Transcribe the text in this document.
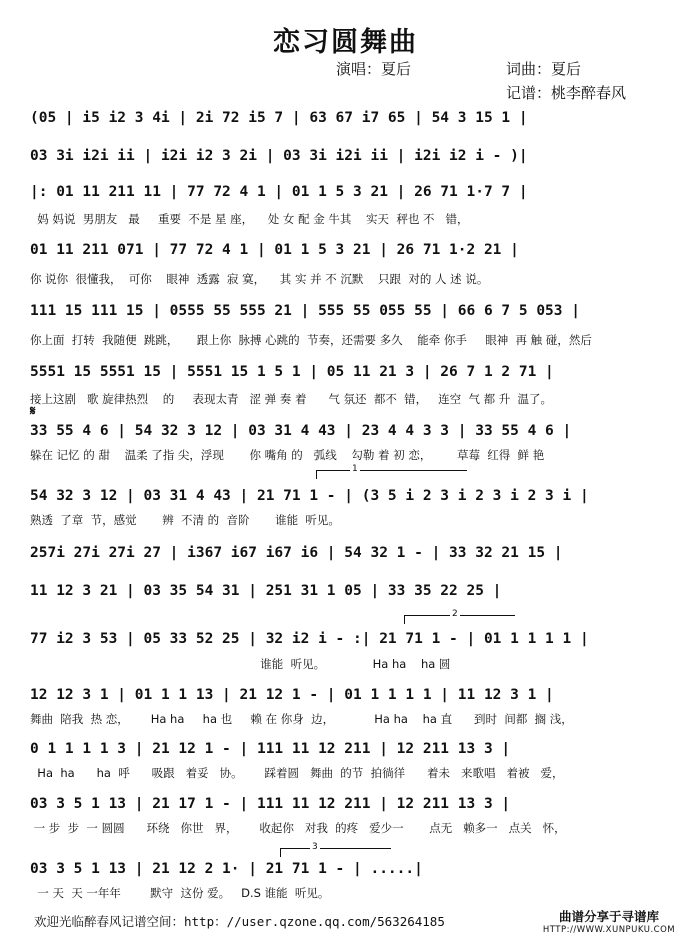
恋习圆舞曲
演唱：夏后	词曲：夏后
记谱：桃李醉春风
𝄋
1
2
3
(05 | i5 i2 3 4i | 2i 72 i5 7 | 63 67 i7 65 | 54 3 15 1 |
03 3i i2i ii | i2i i2 3 2i | 03 3i i2i ii | i2i i2 i - )|
|: 01 11 211 11 | 77 72 4 1 | 01 1 5 3 21 | 26 71 1·7 7 |
妈 妈说  男朋友   最     重要  不是 星 座，    处 女 配 金 牛其    实天  秤也 不   错，
01 11 211 071 | 77 72 4 1 | 01 1 5 3 21 | 26 71 1·2 21 |
你 说你  很懂我，  可你    眼神  透露  寂 寞，    其 实 并 不 沉默    只跟  对的 人 述 说。
111 15 111 15 | 0555 55 555 21 | 555 55 055 55 | 66 6 7 5 053 |
你上面  打转  我随便  跳跳，     跟上你  脉搏 心跳的  节奏，还需要 多久    能牵 你手     眼神  再 触 碰，然后
5551 15 5551 15 | 5551 15 1 5 1 | 05 11 21 3 | 26 7 1 2 71 |
接上这剧   歌 旋律热烈    的     表现太青   涩 弹 奏 着      气 氛还  都不  错，   连空  气 都 升  温了。
33 55 4 6 | 54 32 3 12 | 03 31 4 43 | 23 4 4 3 3 | 33 55 4 6 |
躲在 记忆 的 甜    温柔 了指 尖，浮现       你 嘴角 的   弧线    勾勒 着 初 恋，       草莓  红得  鲜 艳
54 32 3 12 | 03 31 4 43 | 21 71 1 - | (3 5 i 2 3 i 2 3 i 2 3 i |
熟透  了章  节，感觉       辨  不清 的  音阶       谁能  听见。
257i 27i 27i 27 | i367 i67 i67 i6 | 54 32 1 - | 33 32 21 15 |
11 12 3 21 | 03 35 54 31 | 251 31 1 05 | 33 35 22 25 |
77 i2 3 53 | 05 33 52 25 | 32 i2 i - :| 21 71 1 - | 01 1 1 1 1 |
谁能  听见。             Ha ha    ha 圆
12 12 3 1 | 01 1 1 13 | 21 12 1 - | 01 1 1 1 1 | 11 12 3 1 |
舞曲  陪我  热 恋，      Ha ha     ha 也     赖 在 你身  边，           Ha ha    ha 直      到时  间都  搁 浅，
0 1 1 1 1 3 | 21 12 1 - | 111 11 12 211 | 12 211 13 3 |
Ha  ha      ha  呼      吸跟   着妥   协。      踩着圆   舞曲  的节  拍徜徉      着未   来歌唱   着被   爱，
03 3 5 1 13 | 21 17 1 - | 111 11 12 211 | 12 211 13 3 |
一 步  步  一 圆圆      环绕   你世   界，      收起你   对我  的疼   爱少一       点无   赖多一   点关   怀，
03 3 5 1 13 | 21 12 2 1· | 21 71 1 - | .....|
一 天  天 一年年        默守  这份 爱。   D.S 谁能  听见。
欢迎光临醉春风记谱空间：http：//user.qzone.qq.com/563264185	曲谱分享于寻谱库
HTTP://WWW.XUNPUKU.COM
